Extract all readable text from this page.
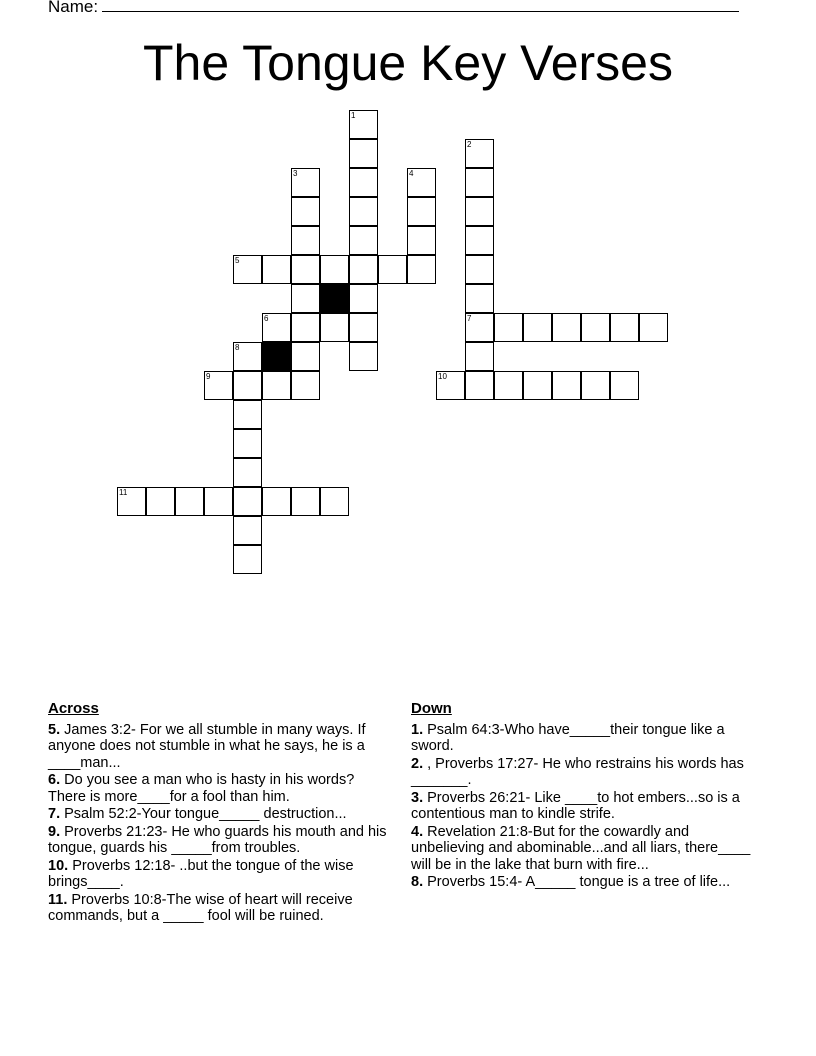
Name:
The Tongue Key Verses
1
2
7
3	4
5
6
8
9	10
11
Across
5. James 3:2- For we all stumble in many ways. If anyone does not stumble in what he says, he is a ____man...
6. Do you see a man who is hasty in his words? There is more____for a fool than him.
7. Psalm 52:2-Your tongue_____ destruction...
9. Proverbs 21:23- He who guards his mouth and his tongue, guards his _____from troubles.
10. Proverbs 12:18- ..but the tongue of the wise brings____.
11. Proverbs 10:8-The wise of heart will receive commands, but a _____ fool will be ruined.
Down
1. Psalm 64:3-Who have_____their tongue like a sword.
2. , Proverbs 17:27- He who restrains his words has _______.
3. Proverbs 26:21- Like ____to hot embers...so is a contentious man to kindle strife.
4. Revelation 21:8-But for the cowardly and unbelieving and abominable...and all liars, there____ will be in the lake that burn with fire...
8. Proverbs 15:4- A_____ tongue is a tree of life...
